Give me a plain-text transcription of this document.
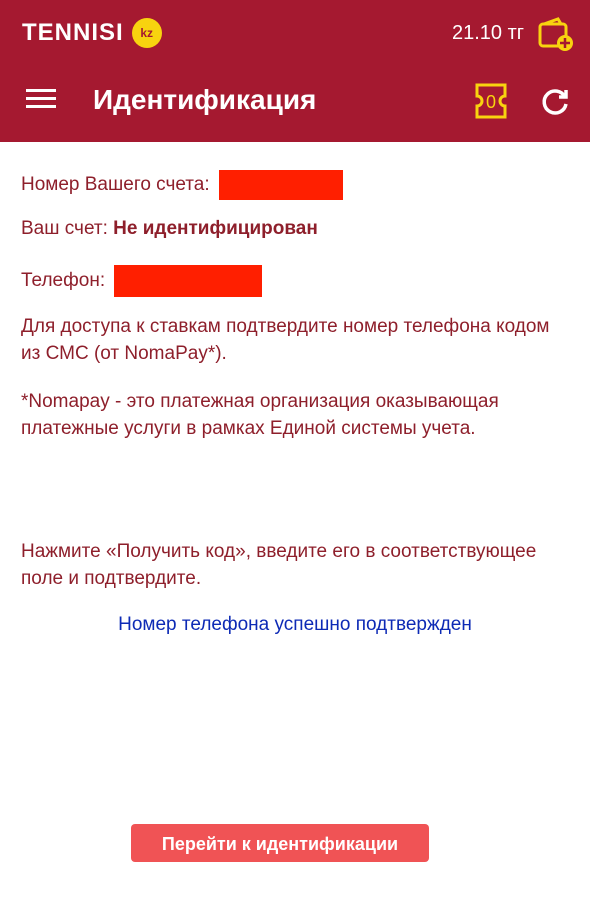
TENNISI	kz	21.10 тг
Идентификация	0
Номер Вашего счета:
Ваш счет: Не идентифицирован
Телефон:
Для доступа к ставкам подтвердите номер телефона кодом из СМС (от NomaPay*).
*Nomapay - это платежная организация оказывающая платежные услуги в рамках Единой системы учета.
Нажмите «Получить код», введите его в соответствующее поле и подтвердите.
Номер телефона успешно подтвержден
Перейти к идентификации
